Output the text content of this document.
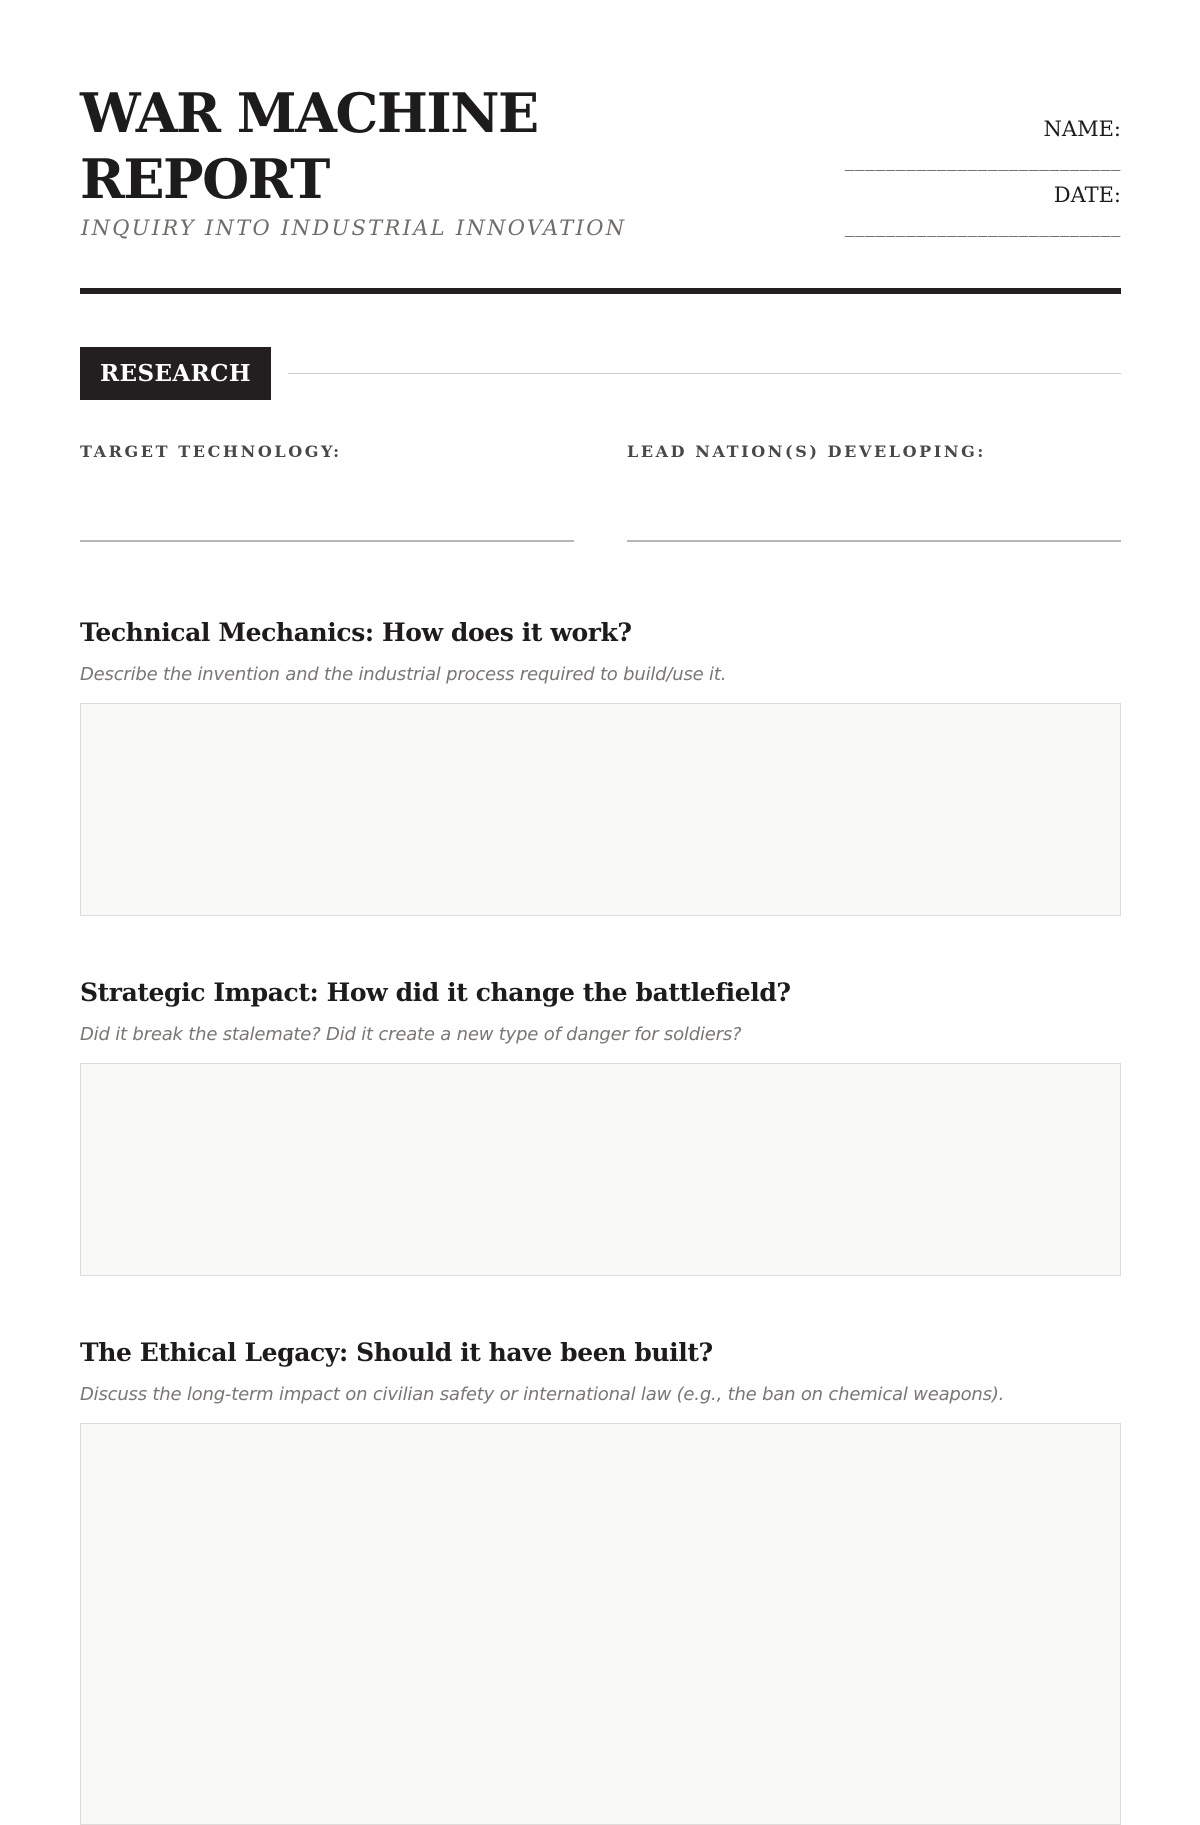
WAR MACHINE
REPORT
INQUIRY INTO INDUSTRIAL INNOVATION
NAME:
___________________________
DATE:
___________________________
RESEARCH
TARGET TECHNOLOGY:	LEAD NATION(S) DEVELOPING:
Technical Mechanics: How does it work?
Describe the invention and the industrial process required to build/use it.
Strategic Impact: How did it change the battlefield?
Did it break the stalemate? Did it create a new type of danger for soldiers?
The Ethical Legacy: Should it have been built?
Discuss the long-term impact on civilian safety or international law (e.g., the ban on chemical weapons).
